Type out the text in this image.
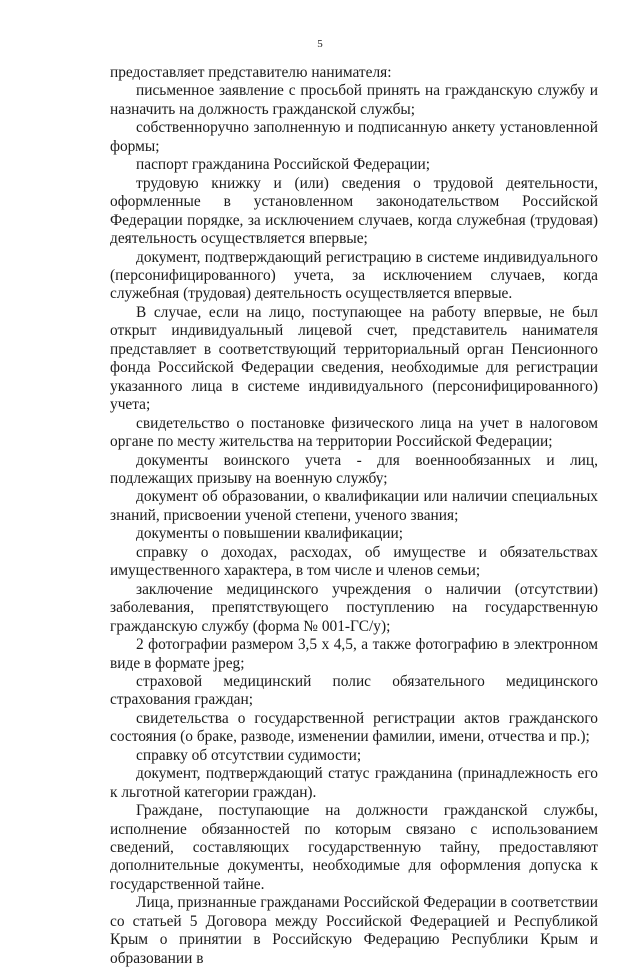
5

предоставляет представителю нанимателя:

письменное заявление с просьбой принять на гражданскую службу и назначить на должность гражданской службы;

собственноручно заполненную и подписанную анкету установленной формы;

паспорт гражданина Российской Федерации;

трудовую книжку и (или) сведения о трудовой деятельности, оформленные в установленном законодательством Российской Федерации порядке, за исключением случаев, когда служебная (трудовая) деятельность осуществляется впервые;

документ, подтверждающий регистрацию в системе индивидуального (персонифицированного) учета, за исключением случаев, когда служебная (трудовая) деятельность осуществляется впервые.

В случае, если на лицо, поступающее на работу впервые, не был открыт индивидуальный лицевой счет, представитель нанимателя представляет в соответствующий территориальный орган Пенсионного фонда Российской Федерации сведения, необходимые для регистрации указанного лица в системе индивидуального (персонифицированного) учета;

свидетельство о постановке физического лица на учет в налоговом органе по месту жительства на территории Российской Федерации;

документы воинского учета - для военнообязанных и лиц, подлежащих призыву на военную службу;

документ об образовании, о квалификации или наличии специальных знаний, присвоении ученой степени, ученого звания;

документы о повышении квалификации;

справку о доходах, расходах, об имуществе и обязательствах имущественного характера, в том числе и членов семьи;

заключение медицинского учреждения о наличии (отсутствии) заболевания, препятствующего поступлению на государственную гражданскую службу (форма № 001-ГС/у);

2 фотографии размером 3,5 х 4,5, а также фотографию в электронном виде в формате jpeg;

страховой медицинский полис обязательного медицинского страхования граждан;

свидетельства о государственной регистрации актов гражданского состояния (о браке, разводе, изменении фамилии, имени, отчества и пр.);

справку об отсутствии судимости;

документ, подтверждающий статус гражданина (принадлежность его к льготной категории граждан).

Граждане, поступающие на должности гражданской службы, исполнение обязанностей по которым связано с использованием сведений, составляющих государственную тайну, предоставляют дополнительные документы, необходимые для оформления допуска к государственной тайне.

Лица, признанные гражданами Российской Федерации в соответствии со статьей 5 Договора между Российской Федерацией и Республикой Крым о принятии в Российскую Федерацию Республики Крым и образовании в
